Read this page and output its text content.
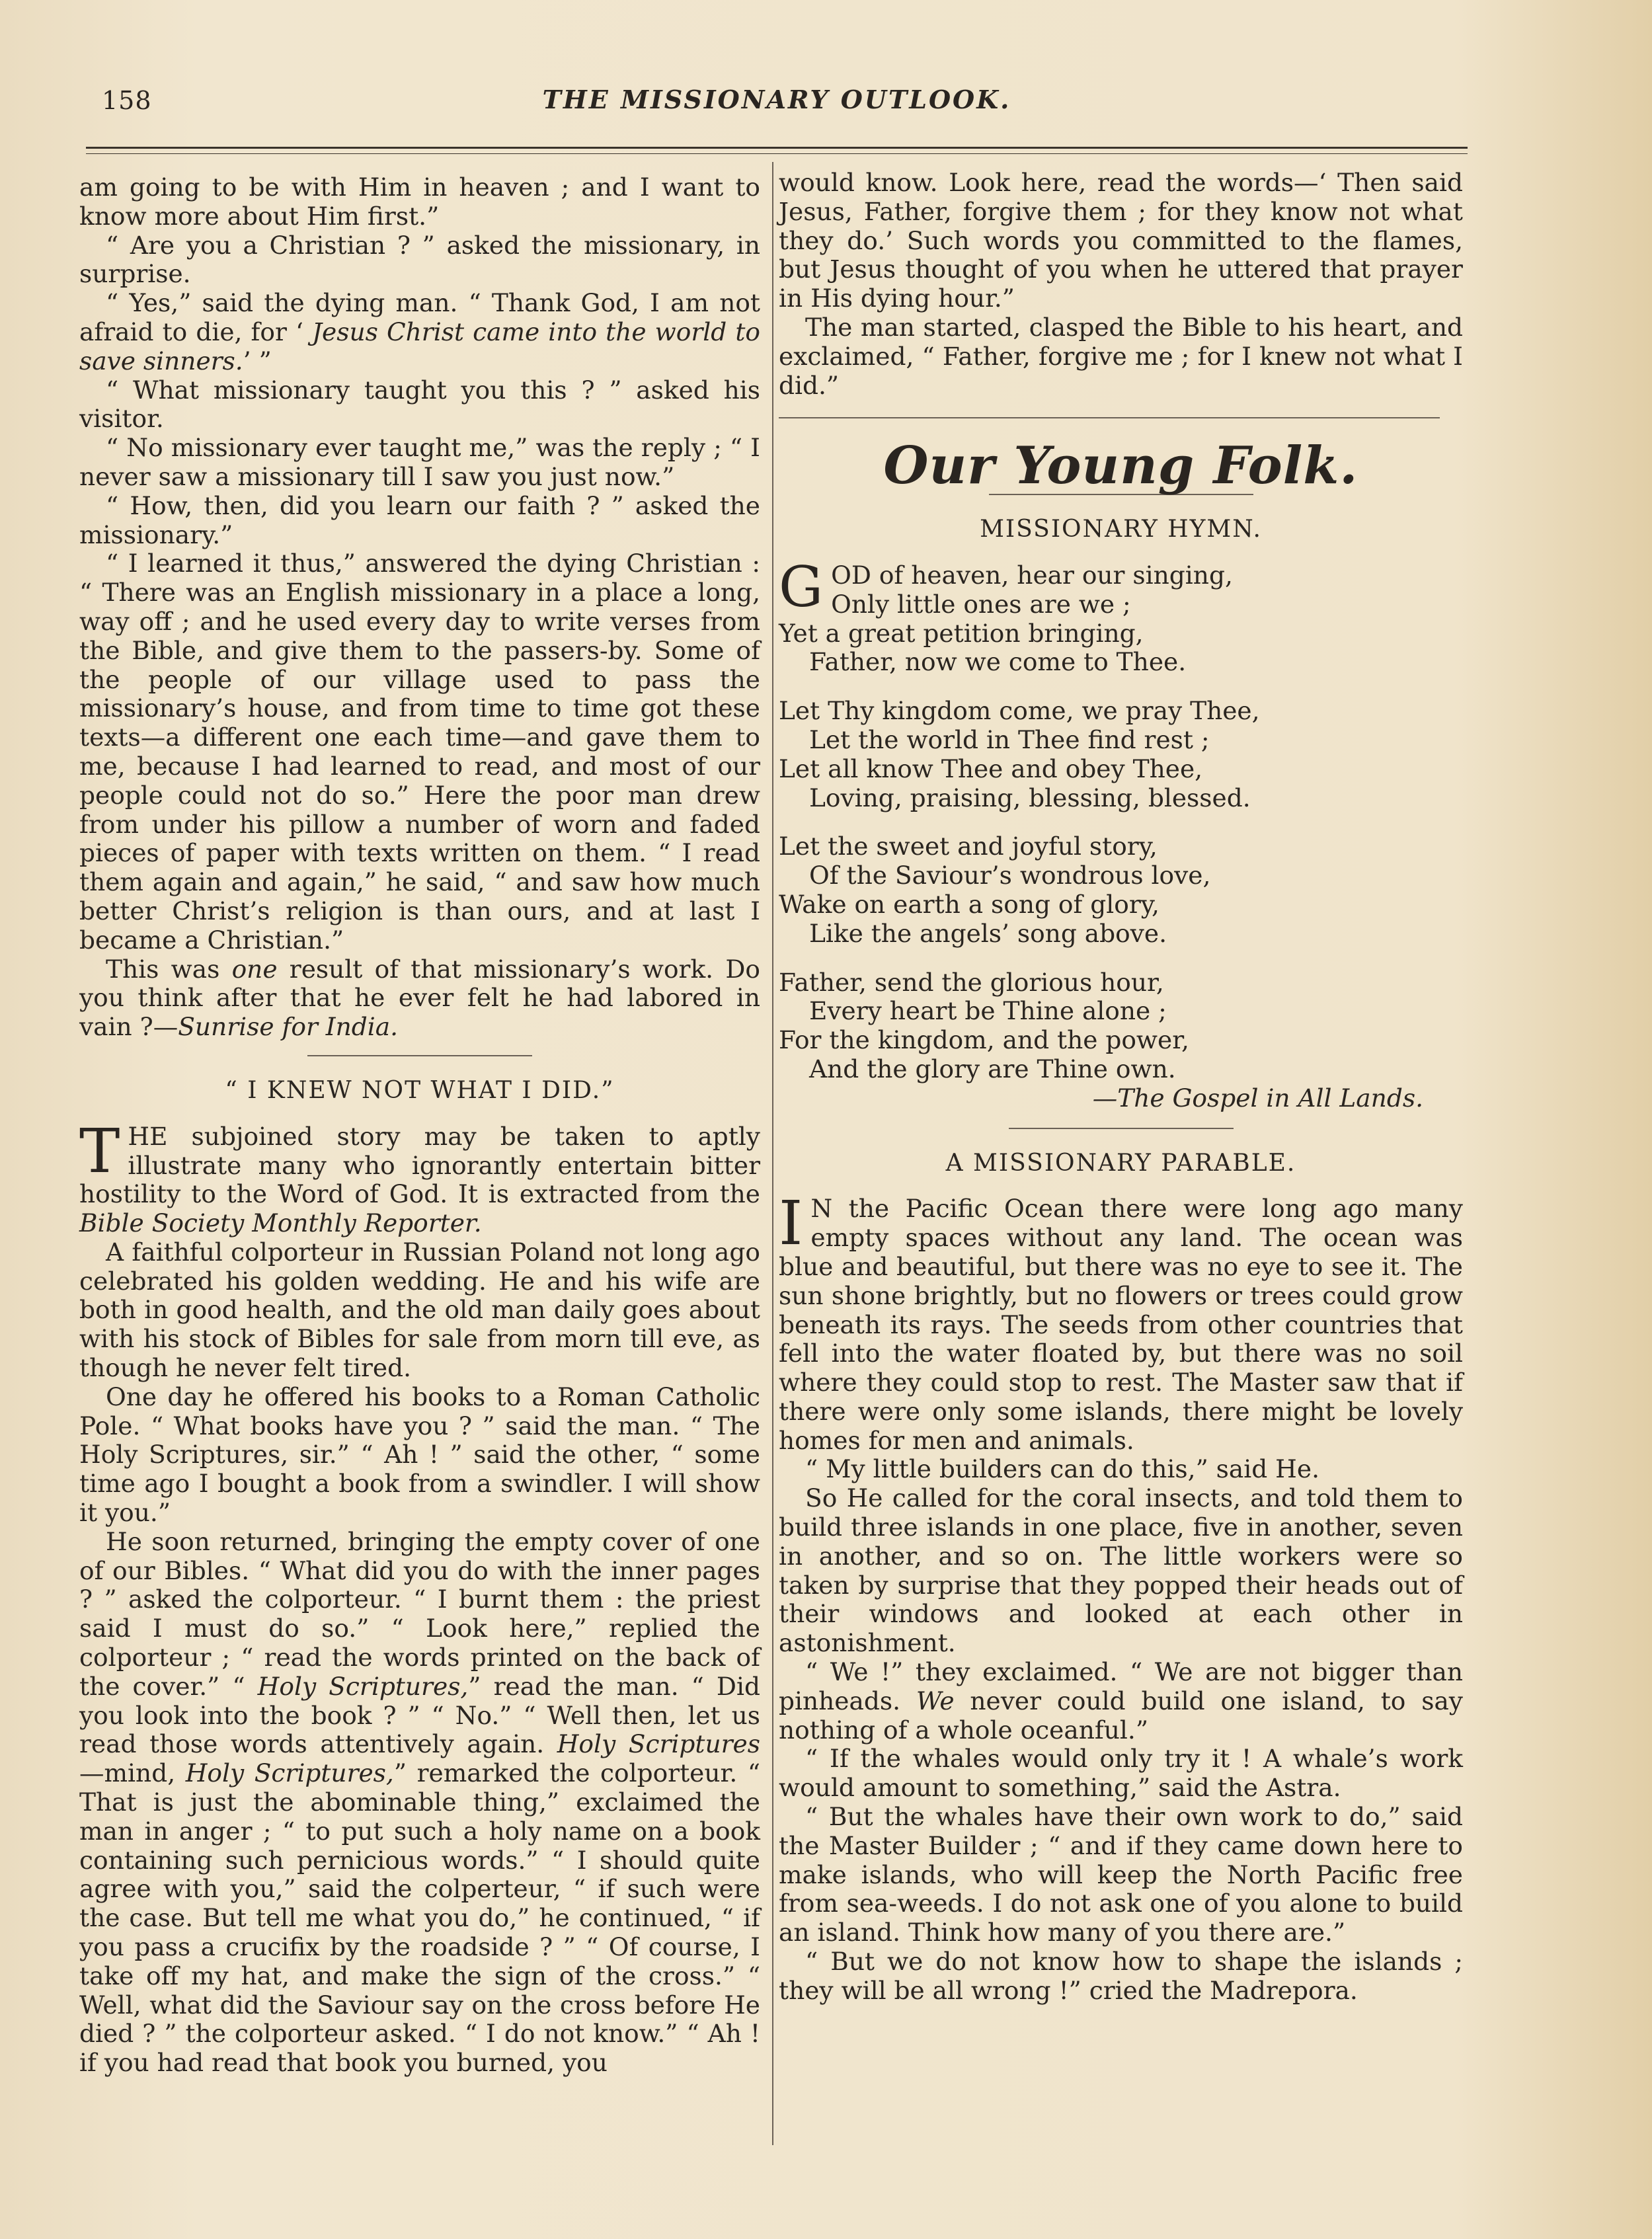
158	THE MISSIONARY OUTLOOK.

am going to be with Him in heaven ; and I want to know more about Him first.”

“ Are you a Christian ? ” asked the missionary, in surprise.

“ Yes,” said the dying man. “ Thank God, I am not afraid to die, for ‘ Jesus Christ came into the world to save sinners.’ ”

“ What missionary taught you this ? ” asked his visitor.

“ No missionary ever taught me,” was the reply ; “ I never saw a missionary till I saw you just now.”

“ How, then, did you learn our faith ? ” asked the missionary.”

“ I learned it thus,” answered the dying Christian : “ There was an English missionary in a place a long, way off ; and he used every day to write verses from the Bible, and give them to the passers-by. Some of the people of our village used to pass the missionary’s house, and from time to time got these texts—a different one each time—and gave them to me, because I had learned to read, and most of our people could not do so.” Here the poor man drew from under his pillow a number of worn and faded pieces of paper with texts written on them. “ I read them again and again,” he said, “ and saw how much better Christ’s religion is than ours, and at last I became a Christian.”

This was one result of that missionary’s work. Do you think after that he ever felt he had labored in vain ?—Sunrise for India.

“ I KNEW NOT WHAT I DID.”

THE subjoined story may be taken to aptly illustrate many who ignorantly entertain bitter hostility to the Word of God. It is extracted from the Bible Society Monthly Reporter.

A faithful colporteur in Russian Poland not long ago celebrated his golden wedding. He and his wife are both in good health, and the old man daily goes about with his stock of Bibles for sale from morn till eve, as though he never felt tired.

One day he offered his books to a Roman Catholic Pole. “ What books have you ? ” said the man. “ The Holy Scriptures, sir.” “ Ah ! ” said the other, “ some time ago I bought a book from a swindler. I will show it you.”

He soon returned, bringing the empty cover of one of our Bibles. “ What did you do with the inner pages ? ” asked the colporteur. “ I burnt them : the priest said I must do so.” “ Look here,” replied the colporteur ; “ read the words printed on the back of the cover.” “ Holy Scriptures,” read the man. “ Did you look into the book ? ” “ No.” “ Well then, let us read those words attentively again. Holy Scriptures —mind, Holy Scriptures,” remarked the colporteur. “ That is just the abominable thing,” exclaimed the man in anger ; “ to put such a holy name on a book containing such pernicious words.” “ I should quite agree with you,” said the colperteur, “ if such were the case. But tell me what you do,” he continued, “ if you pass a crucifix by the roadside ? ” “ Of course, I take off my hat, and make the sign of the cross.” “ Well, what did the Saviour say on the cross before He died ? ” the colporteur asked. “ I do not know.” “ Ah ! if you had read that book you burned, you

would know. Look here, read the words—‘ Then said Jesus, Father, forgive them ; for they know not what they do.’ Such words you committed to the flames, but Jesus thought of you when he uttered that prayer in His dying hour.”

The man started, clasped the Bible to his heart, and exclaimed, “ Father, forgive me ; for I knew not what I did.”

Our Young Folk.
MISSIONARY HYMN.
GOD of heaven, hear our singing,
Only little ones are we ;
Yet a great petition bringing,
Father, now we come to Thee.
Let Thy kingdom come, we pray Thee,
Let the world in Thee find rest ;
Let all know Thee and obey Thee,
Loving, praising, blessing, blessed.
Let the sweet and joyful story,
Of the Saviour’s wondrous love,
Wake on earth a song of glory,
Like the angels’ song above.
Father, send the glorious hour,
Every heart be Thine alone ;
For the kingdom, and the power,
And the glory are Thine own.
—The Gospel in All Lands.
A MISSIONARY PARABLE.

I N the Pacific Ocean there were long ago many empty spaces without any land. The ocean was blue and beautiful, but there was no eye to see it. The sun shone brightly, but no flowers or trees could grow beneath its rays. The seeds from other countries that fell into the water floated by, but there was no soil where they could stop to rest. The Master saw that if there were only some islands, there might be lovely homes for men and animals.

“ My little builders can do this,” said He.

So He called for the coral insects, and told them to build three islands in one place, five in another, seven in another, and so on. The little workers were so taken by surprise that they popped their heads out of their windows and looked at each other in astonishment.

“ We !” they exclaimed. “ We are not bigger than pinheads. We never could build one island, to say nothing of a whole oceanful.”

“ If the whales would only try it ! A whale’s work would amount to something,” said the Astra.

“ But the whales have their own work to do,” said the Master Builder ; “ and if they came down here to make islands, who will keep the North Pacific free from sea-weeds. I do not ask one of you alone to build an island. Think how many of you there are.”

“ But we do not know how to shape the islands ; they will be all wrong !” cried the Madrepora.
